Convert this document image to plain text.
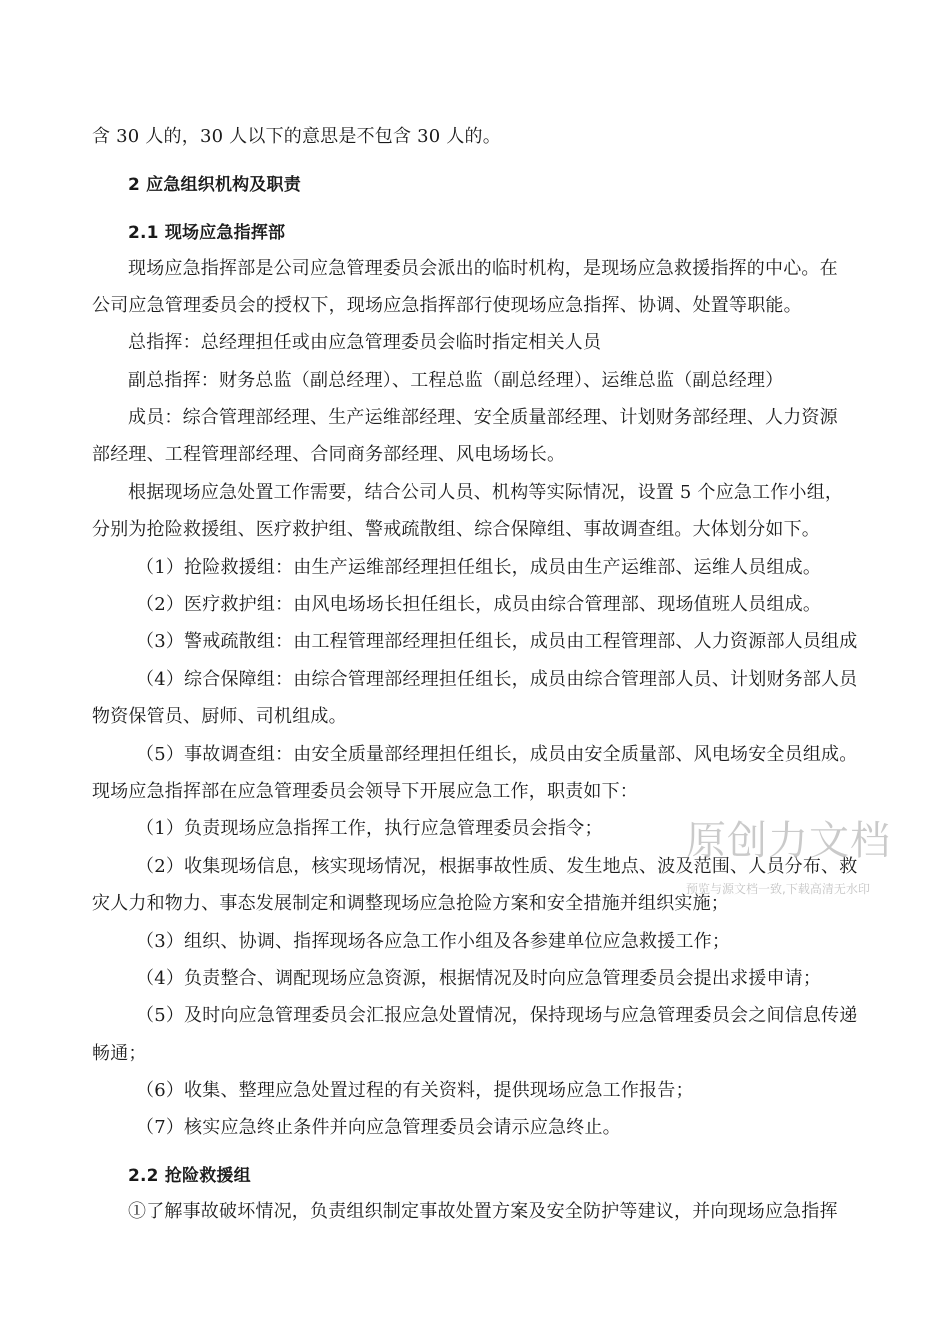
含 30 人的，30 人以下的意思是不包含 30 人的。
2 应急组织机构及职责
2.1 现场应急指挥部
现场应急指挥部是公司应急管理委员会派出的临时机构，是现场应急救援指挥的中心。在
公司应急管理委员会的授权下，现场应急指挥部行使现场应急指挥、协调、处置等职能。
总指挥：总经理担任或由应急管理委员会临时指定相关人员
副总指挥：财务总监（副总经理）、工程总监（副总经理）、运维总监（副总经理）
成员：综合管理部经理、生产运维部经理、安全质量部经理、计划财务部经理、人力资源
部经理、工程管理部经理、合同商务部经理、风电场场长。
根据现场应急处置工作需要，结合公司人员、机构等实际情况，设置 5 个应急工作小组，
分别为抢险救援组、医疗救护组、警戒疏散组、综合保障组、事故调查组。大体划分如下。
（1）抢险救援组：由生产运维部经理担任组长，成员由生产运维部、运维人员组成。
（2）医疗救护组：由风电场场长担任组长，成员由综合管理部、现场值班人员组成。
（3）警戒疏散组：由工程管理部经理担任组长，成员由工程管理部、人力资源部人员组成
（4）综合保障组：由综合管理部经理担任组长，成员由综合管理部人员、计划财务部人员
物资保管员、厨师、司机组成。
（5）事故调查组：由安全质量部经理担任组长，成员由安全质量部、风电场安全员组成。
现场应急指挥部在应急管理委员会领导下开展应急工作，职责如下：
（1）负责现场应急指挥工作，执行应急管理委员会指令；
（2）收集现场信息，核实现场情况，根据事故性质、发生地点、波及范围、人员分布、救
灾人力和物力、事态发展制定和调整现场应急抢险方案和安全措施并组织实施；
（3）组织、协调、指挥现场各应急工作小组及各参建单位应急救援工作；
（4）负责整合、调配现场应急资源，根据情况及时向应急管理委员会提出求援申请；
（5）及时向应急管理委员会汇报应急处置情况，保持现场与应急管理委员会之间信息传递
畅通；
（6）收集、整理应急处置过程的有关资料，提供现场应急工作报告；
（7）核实应急终止条件并向应急管理委员会请示应急终止。
2.2 抢险救援组
①了解事故破坏情况，负责组织制定事故处置方案及安全防护等建议，并向现场应急指挥
原创力文档
预览与源文档一致,下载高清无水印
